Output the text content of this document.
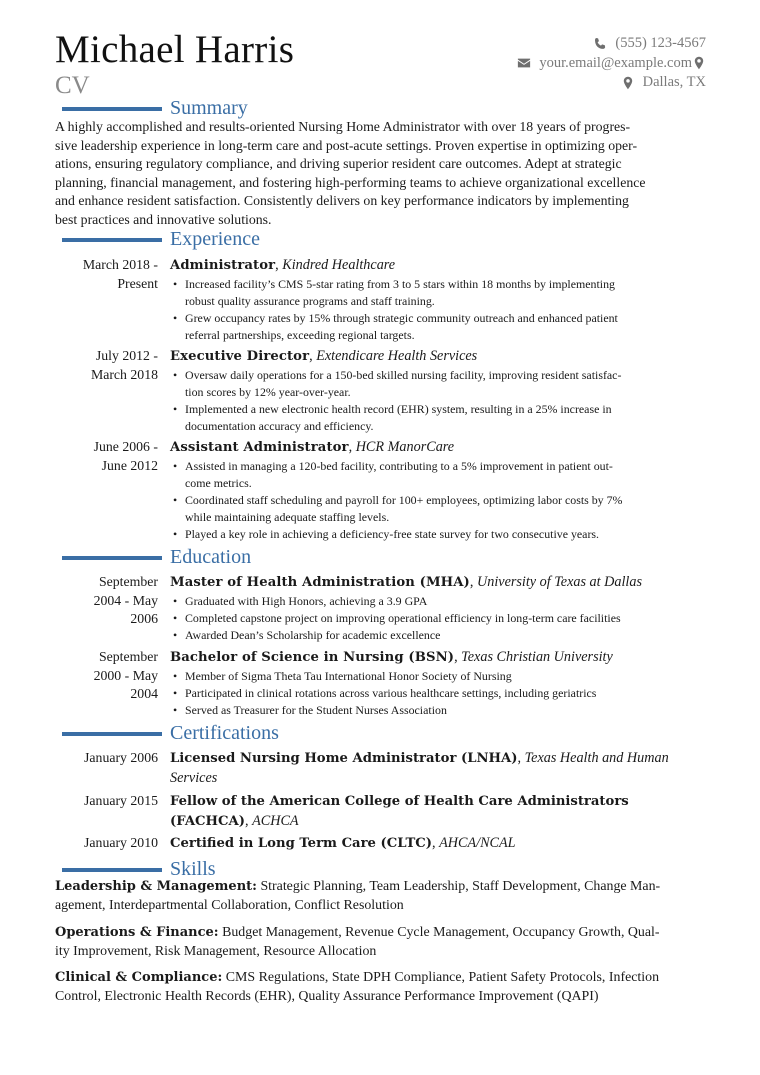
Michael Harris
CV
(555) 123-4567
your.email@example.com
Dallas, TX
Summary
A highly accomplished and results-oriented Nursing Home Administrator with over 18 years of progres-
sive leadership experience in long-term care and post-acute settings. Proven expertise in optimizing oper-
ations, ensuring regulatory compliance, and driving superior resident care outcomes. Adept at strategic
planning, financial management, and fostering high-performing teams to achieve organizational excellence
and enhance resident satisfaction. Consistently delivers on key performance indicators by implementing
best practices and innovative solutions.
Experience
March 2018 -
Present
Administrator, Kindred Healthcare
• Increased facility’s CMS 5-star rating from 3 to 5 stars within 18 months by implementing
robust quality assurance programs and staff training.
• Grew occupancy rates by 15% through strategic community outreach and enhanced patient
referral partnerships, exceeding regional targets.
July 2012 -
March 2018
Executive Director, Extendicare Health Services
• Oversaw daily operations for a 150-bed skilled nursing facility, improving resident satisfac-
tion scores by 12% year-over-year.
• Implemented a new electronic health record (EHR) system, resulting in a 25% increase in
documentation accuracy and efficiency.
June 2006 -
June 2012
Assistant Administrator, HCR ManorCare
• Assisted in managing a 120-bed facility, contributing to a 5% improvement in patient out-
come metrics.
• Coordinated staff scheduling and payroll for 100+ employees, optimizing labor costs by 7%
while maintaining adequate staffing levels.
• Played a key role in achieving a deficiency-free state survey for two consecutive years.
Education
September
2004 - May
2006
Master of Health Administration (MHA), University of Texas at Dallas
• Graduated with High Honors, achieving a 3.9 GPA
• Completed capstone project on improving operational efficiency in long-term care facilities
• Awarded Dean’s Scholarship for academic excellence
September
2000 - May
2004
Bachelor of Science in Nursing (BSN), Texas Christian University
• Member of Sigma Theta Tau International Honor Society of Nursing
• Participated in clinical rotations across various healthcare settings, including geriatrics
• Served as Treasurer for the Student Nurses Association
Certifications
January 2006 Licensed Nursing Home Administrator (LNHA), Texas Health and Human
Services
January 2015 Fellow of the American College of Health Care Administrators
(FACHCA), ACHCA
January 2010 Certified in Long Term Care (CLTC), AHCA/NCAL
Skills
Leadership & Management: Strategic Planning, Team Leadership, Staff Development, Change Man-
agement, Interdepartmental Collaboration, Conflict Resolution
Operations & Finance: Budget Management, Revenue Cycle Management, Occupancy Growth, Qual-
ity Improvement, Risk Management, Resource Allocation
Clinical & Compliance: CMS Regulations, State DPH Compliance, Patient Safety Protocols, Infection
Control, Electronic Health Records (EHR), Quality Assurance Performance Improvement (QAPI)
